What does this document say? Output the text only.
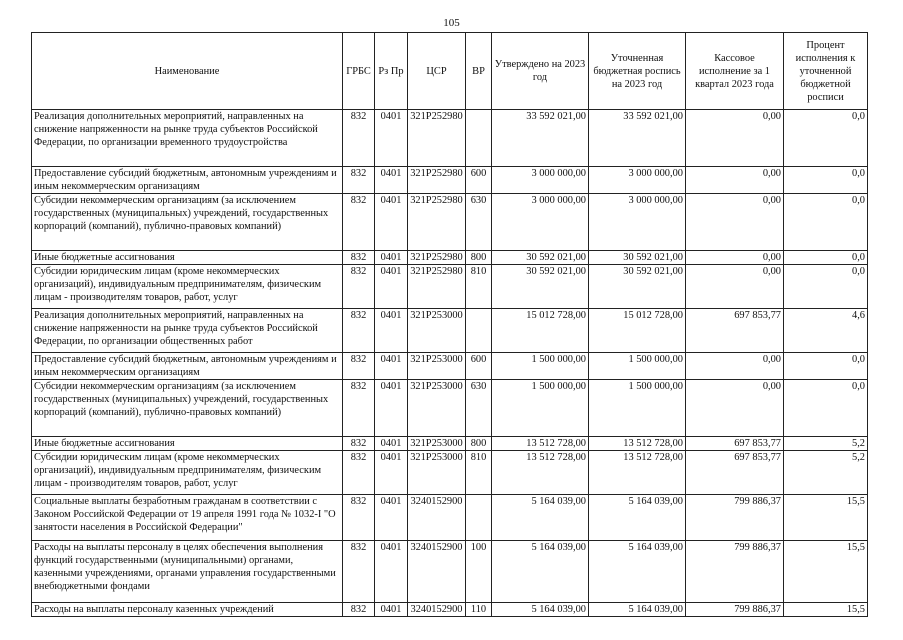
105
Наименование	ГРБС	Рз Пр	ЦСР	ВР	Утверждено на 2023 год	Уточненная бюджетная роспись на 2023 год	Кассовое исполнение за 1 квартал 2023 года	Процент исполнения к уточненной бюджетной росписи
Реализация дополнительных мероприятий, направленных на снижение напряженности на рынке труда субъектов Российской Федерации, по организации временного трудоустройства	832	0401	321P252980		33 592 021,00	33 592 021,00	0,00	0,0
Предоставление субсидий бюджетным, автономным учреждениям и иным некоммерческим организациям	832	0401	321P252980	600	3 000 000,00	3 000 000,00	0,00	0,0
Субсидии некоммерческим организациям (за исключением государственных (муниципальных) учреждений, государственных корпораций (компаний), публично-правовых компаний)	832	0401	321P252980	630	3 000 000,00	3 000 000,00	0,00	0,0
Иные бюджетные ассигнования	832	0401	321P252980	800	30 592 021,00	30 592 021,00	0,00	0,0
Субсидии юридическим лицам (кроме некоммерческих организаций), индивидуальным предпринимателям, физическим лицам - производителям товаров, работ, услуг	832	0401	321P252980	810	30 592 021,00	30 592 021,00	0,00	0,0
Реализация дополнительных мероприятий, направленных на снижение напряженности на рынке труда субъектов Российской Федерации, по организации общественных работ	832	0401	321P253000		15 012 728,00	15 012 728,00	697 853,77	4,6
Предоставление субсидий бюджетным, автономным учреждениям и иным некоммерческим организациям	832	0401	321P253000	600	1 500 000,00	1 500 000,00	0,00	0,0
Субсидии некоммерческим организациям (за исключением государственных (муниципальных) учреждений, государственных корпораций (компаний), публично-правовых компаний)	832	0401	321P253000	630	1 500 000,00	1 500 000,00	0,00	0,0
Иные бюджетные ассигнования	832	0401	321P253000	800	13 512 728,00	13 512 728,00	697 853,77	5,2
Субсидии юридическим лицам (кроме некоммерческих организаций), индивидуальным предпринимателям, физическим лицам - производителям товаров, работ, услуг	832	0401	321P253000	810	13 512 728,00	13 512 728,00	697 853,77	5,2
Социальные выплаты безработным гражданам в соответствии с Законом Российской Федерации от 19 апреля 1991 года № 1032-I "О занятости населения в Российской Федерации"	832	0401	3240152900		5 164 039,00	5 164 039,00	799 886,37	15,5
Расходы на выплаты персоналу в целях обеспечения выполнения функций государственными (муниципальными) органами, казенными учреждениями, органами управления государственными внебюджетными фондами	832	0401	3240152900	100	5 164 039,00	5 164 039,00	799 886,37	15,5
Расходы на выплаты персоналу казенных учреждений	832	0401	3240152900	110	5 164 039,00	5 164 039,00	799 886,37	15,5
